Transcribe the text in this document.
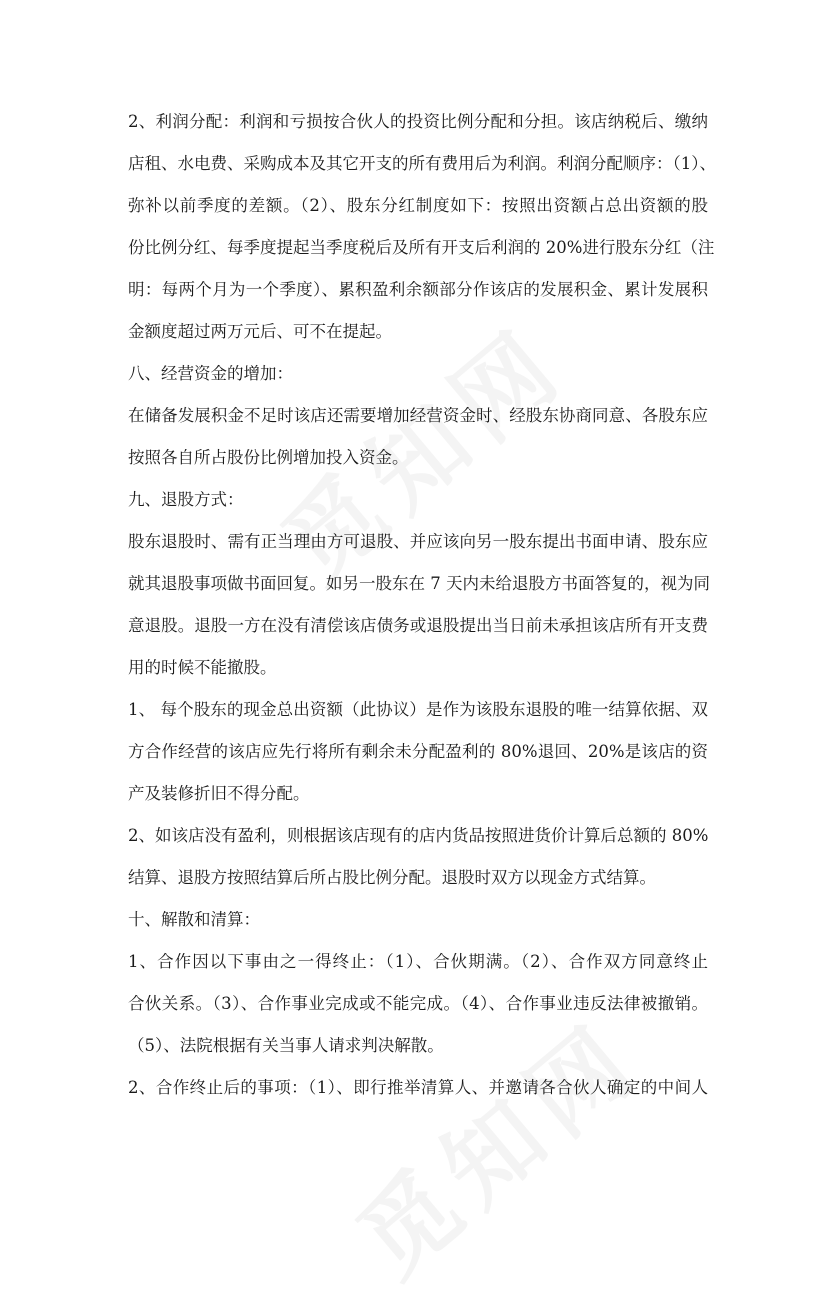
2、利润分配：利润和亏损按合伙人的投资比例分配和分担。该店纳税后、缴纳
店租、水电费、采购成本及其它开支的所有费用后为利润。利润分配顺序：（1）、
弥补以前季度的差额。（2）、股东分红制度如下：按照出资额占总出资额的股
份比例分红、每季度提起当季度税后及所有开支后利润的 20%进行股东分红（注
明：每两个月为一个季度）、累积盈利余额部分作该店的发展积金、累计发展积
金额度超过两万元后、可不在提起。
八、经营资金的增加：
在储备发展积金不足时该店还需要增加经营资金时、经股东协商同意、各股东应
按照各自所占股份比例增加投入资金。
九、退股方式：
股东退股时、需有正当理由方可退股、并应该向另一股东提出书面申请、股东应
就其退股事项做书面回复。如另一股东在 7 天内未给退股方书面答复的，视为同
意退股。退股一方在没有清偿该店债务或退股提出当日前未承担该店所有开支费
用的时候不能撤股。
1、 每个股东的现金总出资额（此协议）是作为该股东退股的唯一结算依据、双
方合作经营的该店应先行将所有剩余未分配盈利的 80%退回、20%是该店的资
产及装修折旧不得分配。
2、如该店没有盈利，则根据该店现有的店内货品按照进货价计算后总额的 80%
结算、退股方按照结算后所占股比例分配。退股时双方以现金方式结算。
十、解散和清算：
1、合作因以下事由之一得终止：（1）、合伙期满。（2）、合作双方同意终止
合伙关系。（3）、合作事业完成或不能完成。（4）、合作事业违反法律被撤销。
（5）、法院根据有关当事人请求判决解散。
2、合作终止后的事项：（1）、即行推举清算人、并邀请各合伙人确定的中间人
